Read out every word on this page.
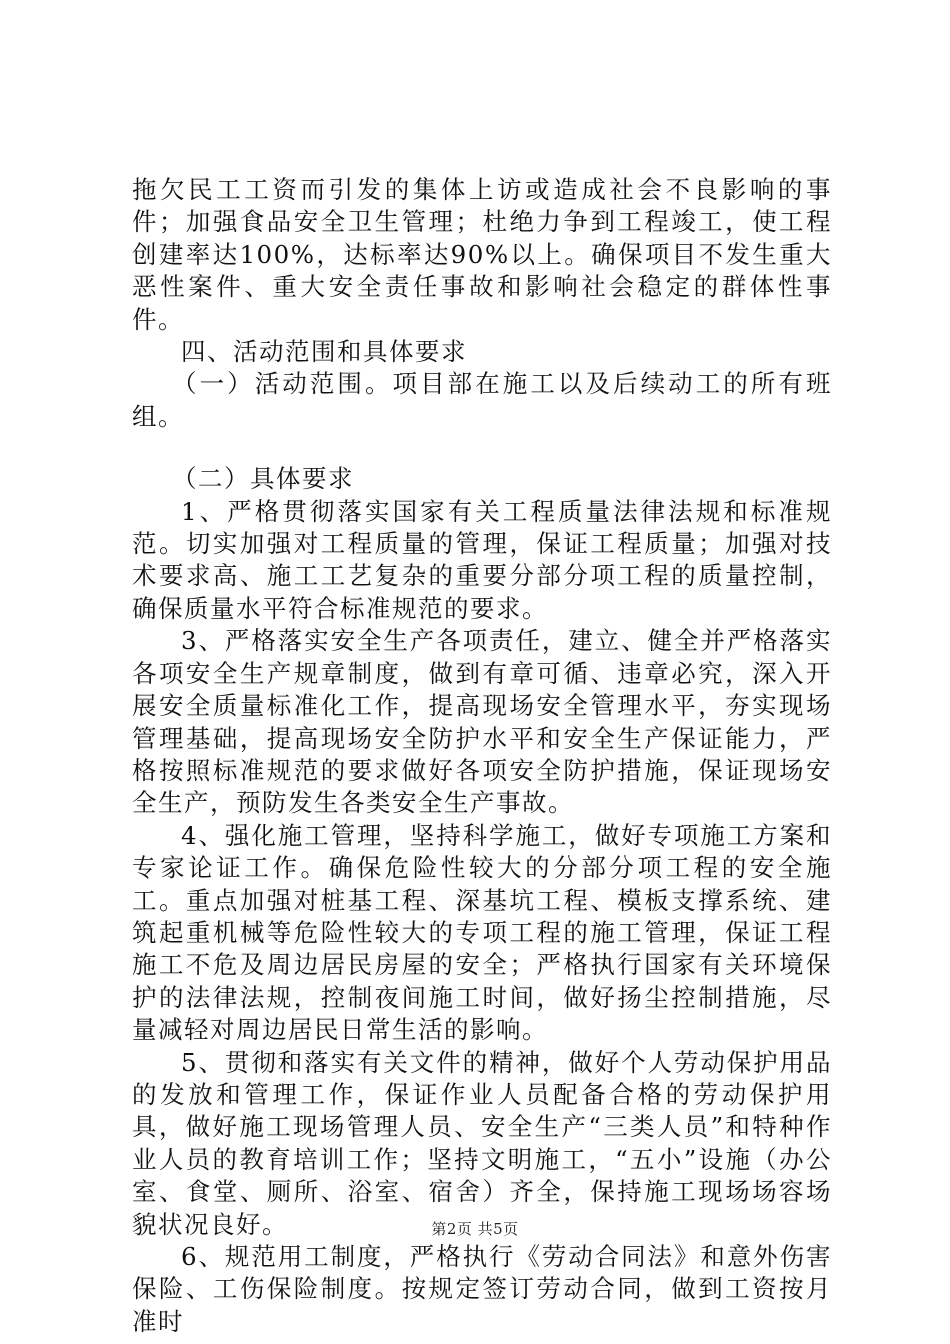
拖欠民工工资而引发的集体上访或造成社会不良影响的事件；加强食品安全卫生管理；杜绝力争到工程竣工，使工程创建率达100%，达标率达90%以上。确保项目不发生重大恶性案件、重大安全责任事故和影响社会稳定的群体性事件。

四、活动范围和具体要求

（一）活动范围。项目部在施工以及后续动工的所有班组。

（二）具体要求

1、严格贯彻落实国家有关工程质量法律法规和标准规范。切实加强对工程质量的管理，保证工程质量；加强对技术要求高、施工工艺复杂的重要分部分项工程的质量控制，确保质量水平符合标准规范的要求。

3、严格落实安全生产各项责任，建立、健全并严格落实各项安全生产规章制度，做到有章可循、违章必究，深入开展安全质量标准化工作，提高现场安全管理水平，夯实现场管理基础，提高现场安全防护水平和安全生产保证能力，严格按照标准规范的要求做好各项安全防护措施，保证现场安全生产，预防发生各类安全生产事故。

4、强化施工管理，坚持科学施工，做好专项施工方案和专家论证工作。确保危险性较大的分部分项工程的安全施工。重点加强对桩基工程、深基坑工程、模板支撑系统、建筑起重机械等危险性较大的专项工程的施工管理，保证工程施工不危及周边居民房屋的安全；严格执行国家有关环境保护的法律法规，控制夜间施工时间，做好扬尘控制措施，尽量减轻对周边居民日常生活的影响。

5、贯彻和落实有关文件的精神，做好个人劳动保护用品的发放和管理工作，保证作业人员配备合格的劳动保护用具，做好施工现场管理人员、安全生产“三类人员”和特种作业人员的教育培训工作；坚持文明施工，“五小”设施（办公室、食堂、厕所、浴室、宿舍）齐全，保持施工现场场容场貌状况良好。

6、规范用工制度，严格执行《劳动合同法》和意外伤害保险、工伤保险制度。按规定签订劳动合同，做到工资按月准时

第2页 共5页
